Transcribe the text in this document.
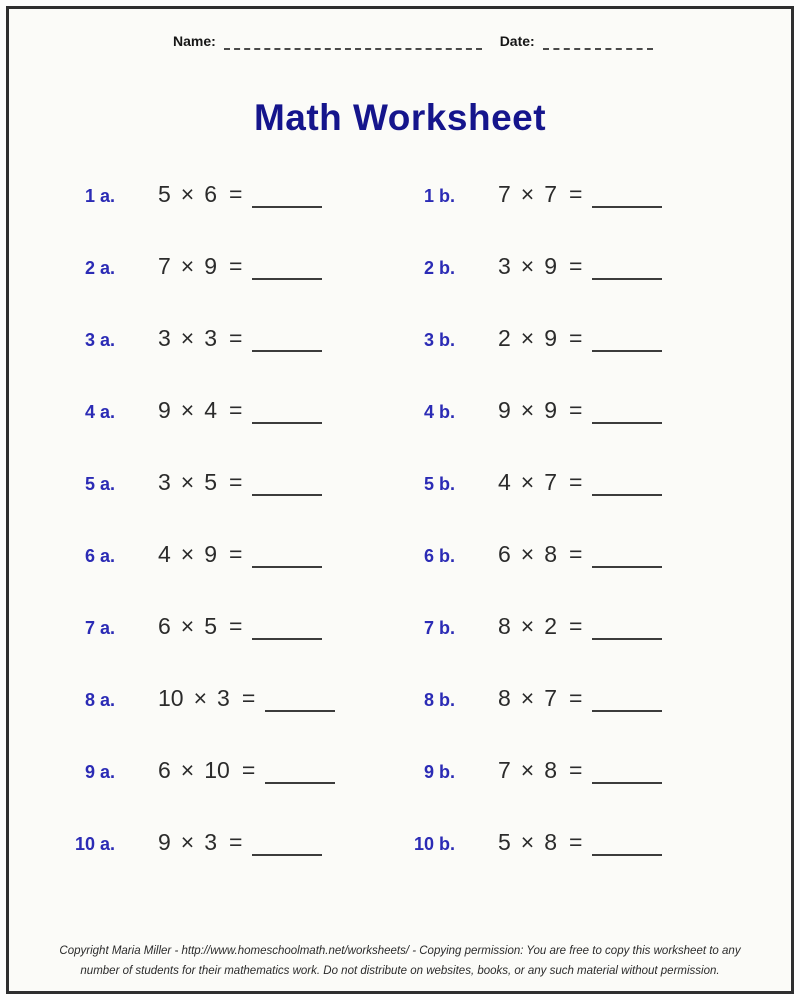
Name:	Date:
Math Worksheet
1 a. 5 × 6 =	1 b. 7 × 7 =
2 a. 7 × 9 =	2 b. 3 × 9 =
3 a. 3 × 3 =	3 b. 2 × 9 =
4 a. 9 × 4 =	4 b. 9 × 9 =
5 a. 3 × 5 =	5 b. 4 × 7 =
6 a. 4 × 9 =	6 b. 6 × 8 =
7 a. 6 × 5 =	7 b. 8 × 2 =
8 a. 10 × 3 =	8 b. 8 × 7 =
9 a. 6 × 10 =	9 b. 7 × 8 =
10 a. 9 × 3 =	10 b. 5 × 8 =
Copyright Maria Miller - http://www.homeschoolmath.net/worksheets/ - Copying permission: You are free to copy this worksheet to any
number of students for their mathematics work. Do not distribute on websites, books, or any such material without permission.
